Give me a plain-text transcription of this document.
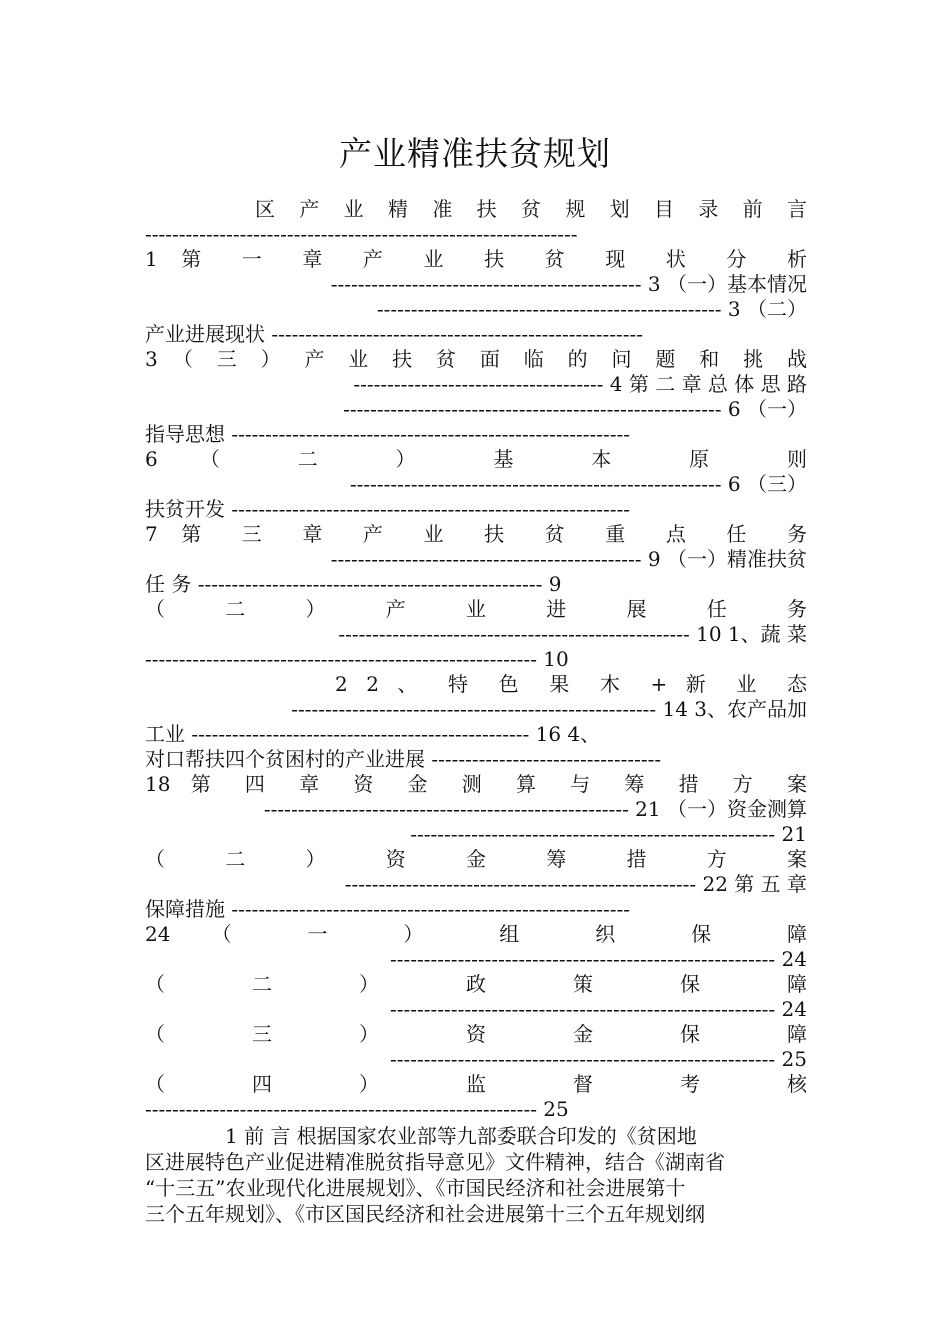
产业精准扶贫规划
区 产 业 精 准 扶 贫 规 划 目 录 前 言
----------------------------------------------------------------
1 第 一 章 产 业 扶 贫 现 状 分 析
---------------------------------------------- 3 （一）基本情况
--------------------------------------------------- 3 （二）
产业进展现状 -------------------------------------------------------
3 （ 三 ） 产 业 扶 贫 面 临 的 问 题 和 挑 战
------------------------------------- 4 第 二 章 总 体 思 路
-------------------------------------------------------- 6 （一）
指导思想 -----------------------------------------------------------
6 （ 二 ） 基 本 原 则
------------------------------------------------------- 6 （三）
扶贫开发 -----------------------------------------------------------
7 第 三 章 产 业 扶 贫 重 点 任 务
---------------------------------------------- 9 （一）精准扶贫
任 务 --------------------------------------------------- 9
（ 二 ） 产 业 进 展 任 务
---------------------------------------------------- 10 1、蔬 菜
---------------------------------------------------------- 10
2 2 、 特 色 果 木 + 新 业 态
------------------------------------------------------ 14 3、农产品加
工业 -------------------------------------------------- 16 4、
对口帮扶四个贫困村的产业进展 ----------------------------------
18 第 四 章 资 金 测 算 与 筹 措 方 案
------------------------------------------------------ 21 （一）资金测算
------------------------------------------------------ 21
（ 二 ） 资 金 筹 措 方 案
---------------------------------------------------- 22 第 五 章
保障措施 -----------------------------------------------------------
24 （ 一 ） 组 织 保 障
--------------------------------------------------------- 24
（ 二 ） 政 策 保 障
--------------------------------------------------------- 24
（ 三 ） 资 金 保 障
--------------------------------------------------------- 25
（ 四 ） 监 督 考 核
---------------------------------------------------------- 25
1 前 言 根据国家农业部等九部委联合印发的《贫困地
区进展特色产业促进精准脱贫指导意见》文件精神，结合《湖南省
“十三五”农业现代化进展规划》、《市国民经济和社会进展第十
三个五年规划》、《市区国民经济和社会进展第十三个五年规划纲
